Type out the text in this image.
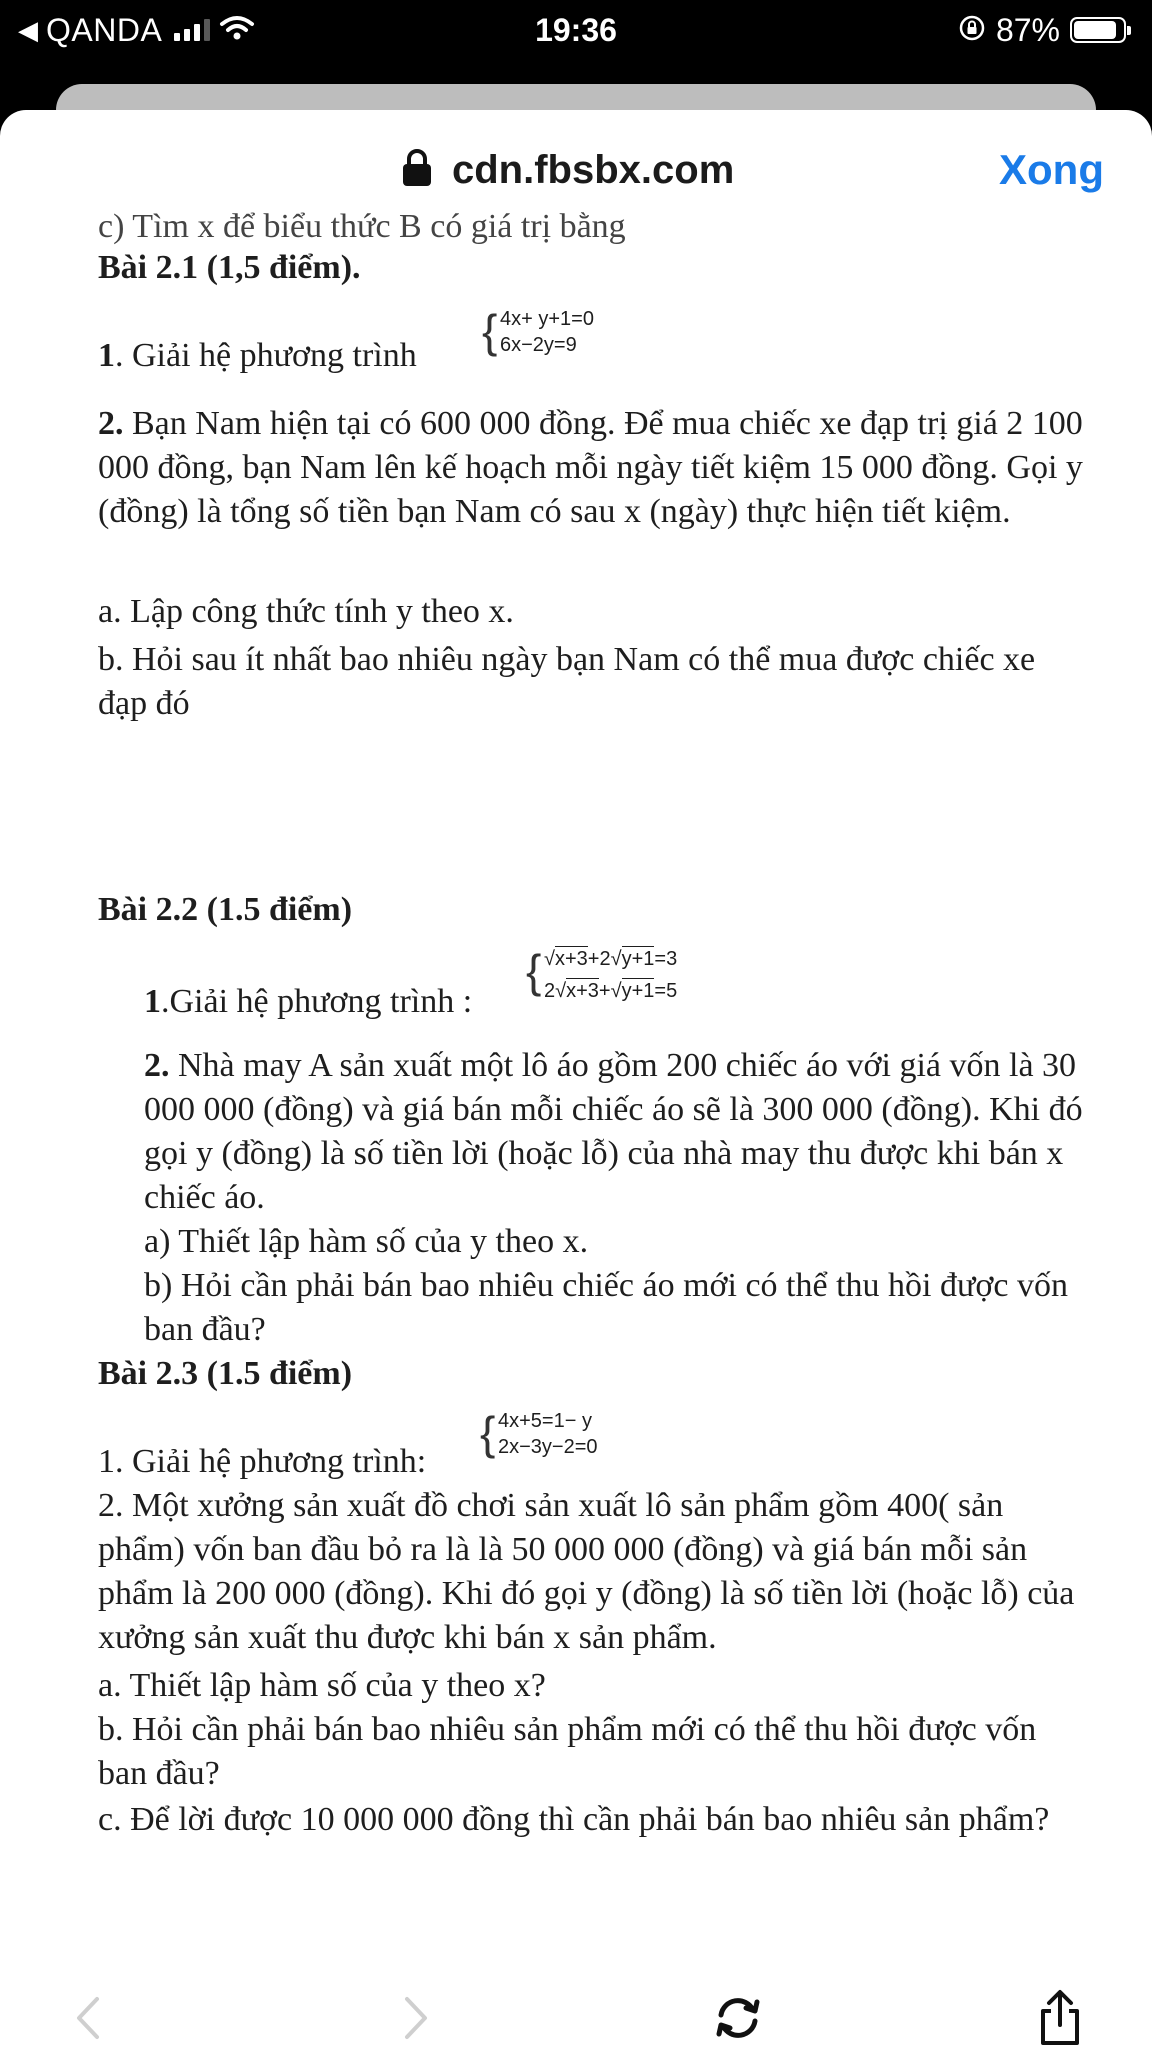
◀ QANDA	19:36	87%
cdn.fbsbx.com	Xong
c) Tìm x để biểu thức B có giá trị bằng
Bài 2.1 (1,5 điểm).
1. Giải hệ phương trình	{ 4x+ y+1=0
6x−2y=9
2. Bạn Nam hiện tại có 600 000 đồng. Để mua chiếc xe đạp trị giá 2 100 000 đồng, bạn Nam lên kế hoạch mỗi ngày tiết kiệm 15 000 đồng. Gọi y (đồng) là tổng số tiền bạn Nam có sau x (ngày) thực hiện tiết kiệm.
a. Lập công thức tính y theo x.
b. Hỏi sau ít nhất bao nhiêu ngày bạn Nam có thể mua được chiếc xe đạp đó
Bài 2.2 (1.5 điểm)
1.Giải hệ phương trình :
{ √x+3+2√y+1=3
2√x+3+√y+1=5
2. Nhà may A sản xuất một lô áo gồm 200 chiếc áo với giá vốn là 30 000 000 (đồng) và giá bán mỗi chiếc áo sẽ là 300 000 (đồng). Khi đó gọi y (đồng) là số tiền lời (hoặc lỗ) của nhà may thu được khi bán x chiếc áo.
a) Thiết lập hàm số của y theo x.
b) Hỏi cần phải bán bao nhiêu chiếc áo mới có thể thu hồi được vốn ban đầu?
Bài 2.3 (1.5 điểm)
1. Giải hệ phương trình:
{ 4x+5=1− y
2x−3y−2=0
2. Một xưởng sản xuất đồ chơi sản xuất lô sản phẩm gồm 400( sản phẩm) vốn ban đầu bỏ ra là là 50 000 000 (đồng) và giá bán mỗi sản phẩm là 200 000 (đồng). Khi đó gọi y (đồng) là số tiền lời (hoặc lỗ) của xưởng sản xuất thu được khi bán x sản phẩm.
a. Thiết lập hàm số của y theo x?
b. Hỏi cần phải bán bao nhiêu sản phẩm mới có thể thu hồi được vốn ban đầu?
c. Để lời được 10 000 000 đồng thì cần phải bán bao nhiêu sản phẩm?
